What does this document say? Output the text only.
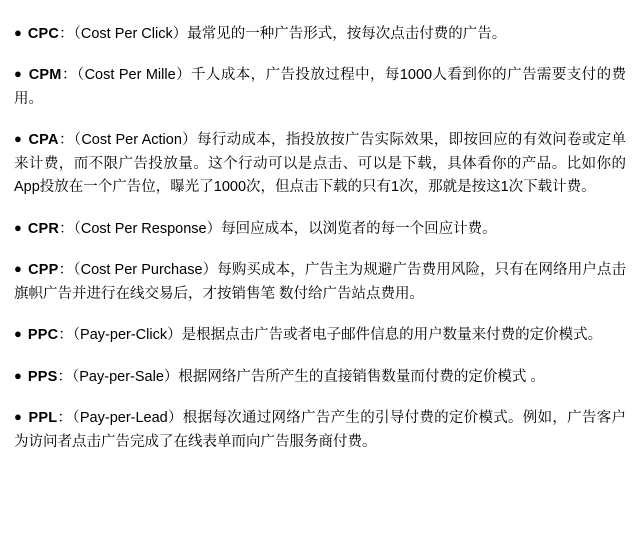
● CPC：（Cost Per Click）最常见的一种广告形式，按每次点击付费的广告。

● CPM：（Cost Per Mille）千人成本，广告投放过程中，每1000人看到你的广告需要支付的费用。

● CPA：（Cost Per Action）每行动成本，指投放按广告实际效果，即按回应的有效问卷或定单来计费，而不限广告投放量。这个行动可以是点击、可以是下载，具体看你的产品。比如你的App投放在一个广告位，曝光了1000次，但点击下载的只有1次，那就是按这1次下载计费。

● CPR：（Cost Per Response）每回应成本，以浏览者的每一个回应计费。

● CPP：（Cost Per Purchase）每购买成本，广告主为规避广告费用风险，只有在网络用户点击旗帜广告并进行在线交易后，才按销售笔 数付给广告站点费用。

● PPC：（Pay-per-Click）是根据点击广告或者电子邮件信息的用户数量来付费的定价模式。

● PPS：（Pay-per-Sale）根据网络广告所产生的直接销售数量而付费的定价模式 。

● PPL：（Pay-per-Lead）根据每次通过网络广告产生的引导付费的定价模式。例如，广告客户为访问者点击广告完成了在线表单而向广告服务商付费。
